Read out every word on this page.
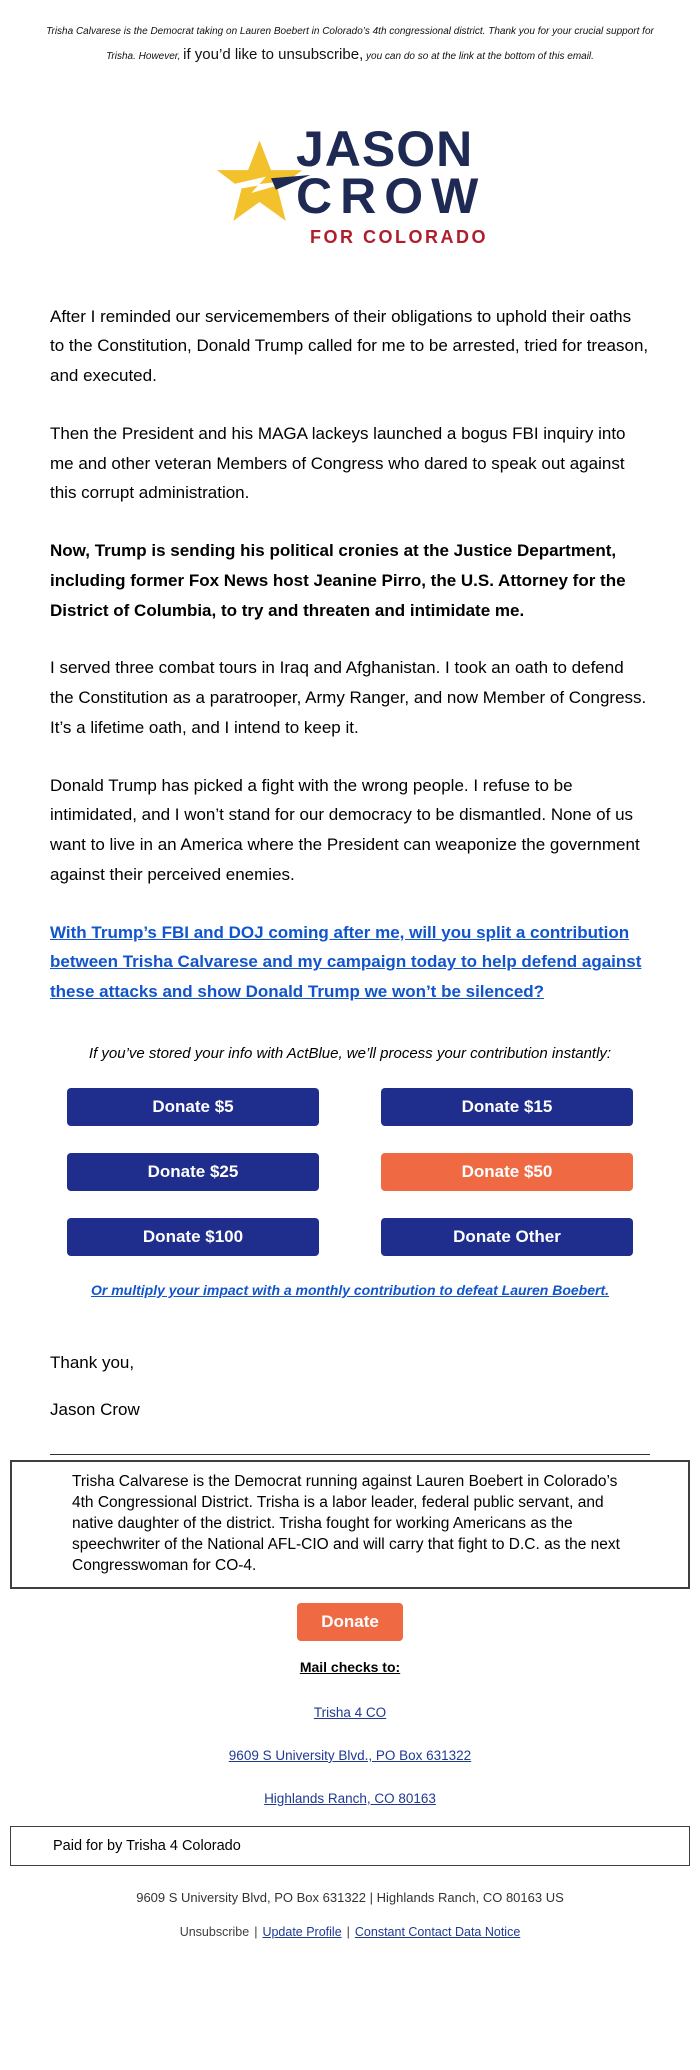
Trisha Calvarese is the Democrat taking on Lauren Boebert in Colorado’s 4th congressional district. Thank you for your crucial support for Trisha. However, if you’d like to unsubscribe, you can do so at the link at the bottom of this email.
JASON
CROW
FOR COLORADO

After I reminded our servicemembers of their obligations to uphold their oaths to the Constitution, Donald Trump called for me to be arrested, tried for treason, and executed.

Then the President and his MAGA lackeys launched a bogus FBI inquiry into me and other veteran Members of Congress who dared to speak out against this corrupt administration.

Now, Trump is sending his political cronies at the Justice Department, including former Fox News host Jeanine Pirro, the U.S. Attorney for the District of Columbia, to try and threaten and intimidate me.

I served three combat tours in Iraq and Afghanistan. I took an oath to defend the Constitution as a paratrooper, Army Ranger, and now Member of Congress. It’s a lifetime oath, and I intend to keep it.

Donald Trump has picked a fight with the wrong people. I refuse to be intimidated, and I won’t stand for our democracy to be dismantled. None of us want to live in an America where the President can weaponize the government against their perceived enemies.

With Trump’s FBI and DOJ coming after me, will you split a contribution between Trisha Calvarese and my campaign today to help defend against these attacks and show Donald Trump we won’t be silenced?

If you’ve stored your info with ActBlue, we’ll process your contribution instantly:
Donate $5	Donate $15
Donate $25	Donate $50
Donate $100	Donate Other
Or multiply your impact with a monthly contribution to defeat Lauren Boebert.
Thank you,
Jason Crow
Trisha Calvarese is the Democrat running against Lauren Boebert in Colorado’s 4th Congressional District. Trisha is a labor leader, federal public servant, and native daughter of the district. Trisha fought for working Americans as the speechwriter of the National AFL-CIO and will carry that fight to D.C. as the next Congresswoman for CO-4.
Donate
Mail checks to:
Trisha 4 CO
9609 S University Blvd., PO Box 631322
Highlands Ranch, CO 80163
Paid for by Trisha 4 Colorado
9609 S University Blvd, PO Box 631322 | Highlands Ranch, CO 80163 US
Unsubscribe | Update Profile | Constant Contact Data Notice
